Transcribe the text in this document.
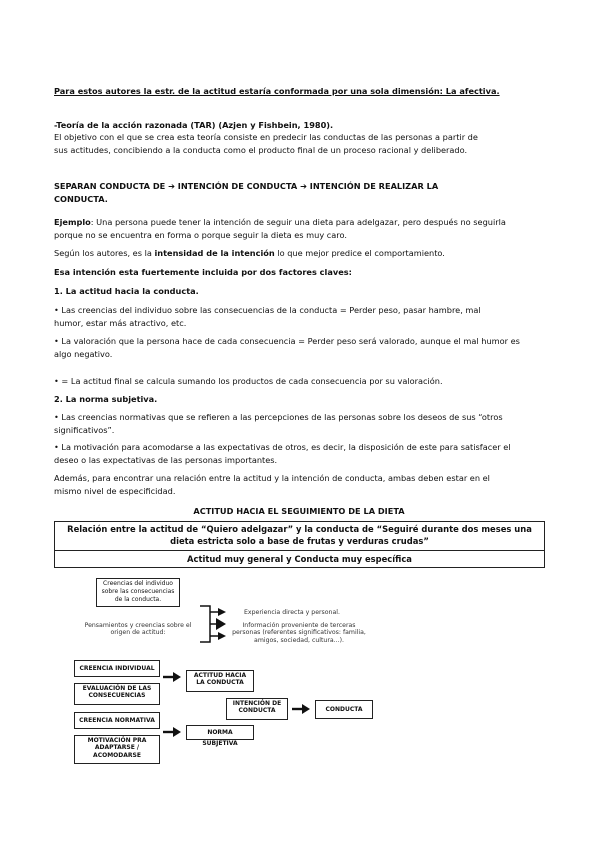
Para estos autores la estr. de la actitud estaría conformada por una sola dimensión: La afectiva.

-Teoría de la acción razonada (TAR) (Azjen y Fishbein, 1980).

El objetivo con el que se crea esta teoría consiste en predecir las conductas de las personas a partir de sus actitudes, concibiendo a la conducta como el producto final de un proceso racional y deliberado.

SEPARAN CONDUCTA DE ➔ INTENCIÓN DE CONDUCTA ➔ INTENCIÓN DE REALIZAR LA CONDUCTA.

Ejemplo: Una persona puede tener la intención de seguir una dieta para adelgazar, pero después no seguirla porque no se encuentra en forma o porque seguir la dieta es muy caro.

Según los autores, es la intensidad de la intención lo que mejor predice el comportamiento.

Esa intención esta fuertemente incluida por dos factores claves:

1. La actitud hacia la conducta.

• Las creencias del individuo sobre las consecuencias de la conducta = Perder peso, pasar hambre, mal humor, estar más atractivo, etc.

• La valoración que la persona hace de cada consecuencia = Perder peso será valorado, aunque el mal humor es algo negativo.

• = La actitud final se calcula sumando los productos de cada consecuencia por su valoración.

2. La norma subjetiva.

• Las creencias normativas que se refieren a las percepciones de las personas sobre los deseos de sus “otros significativos”.

• La motivación para acomodarse a las expectativas de otros, es decir, la disposición de este para satisfacer el deseo o las expectativas de las personas importantes.

Además, para encontrar una relación entre la actitud y la intención de conducta, ambas deben estar en el mismo nivel de especificidad.

ACTITUD HACIA EL SEGUIMIENTO DE LA DIETA

Relación entre la actitud de “Quiero adelgazar” y la conducta de “Seguiré durante dos meses una dieta estricta solo a base de frutas y verduras crudas”
Actitud muy general y Conducta muy específica
Creencias del individuo sobre las consecuencias de la conducta.
Pensamientos y creencias sobre el origen de actitud:
Experiencia directa y personal.
Información proveniente de terceras personas (referentes significativos: familia, amigos, sociedad, cultura...).
CREENCIA INDIVIDUAL
EVALUACIÓN DE LAS CONSECUENCIAS
CREENCIA NORMATIVA
MOTIVACIÓN PRA ADAPTARSE / ACOMODARSE
ACTITUD HACIA LA CONDUCTA
NORMA SUBJETIVA
INTENCIÓN DE CONDUCTA	CONDUCTA
